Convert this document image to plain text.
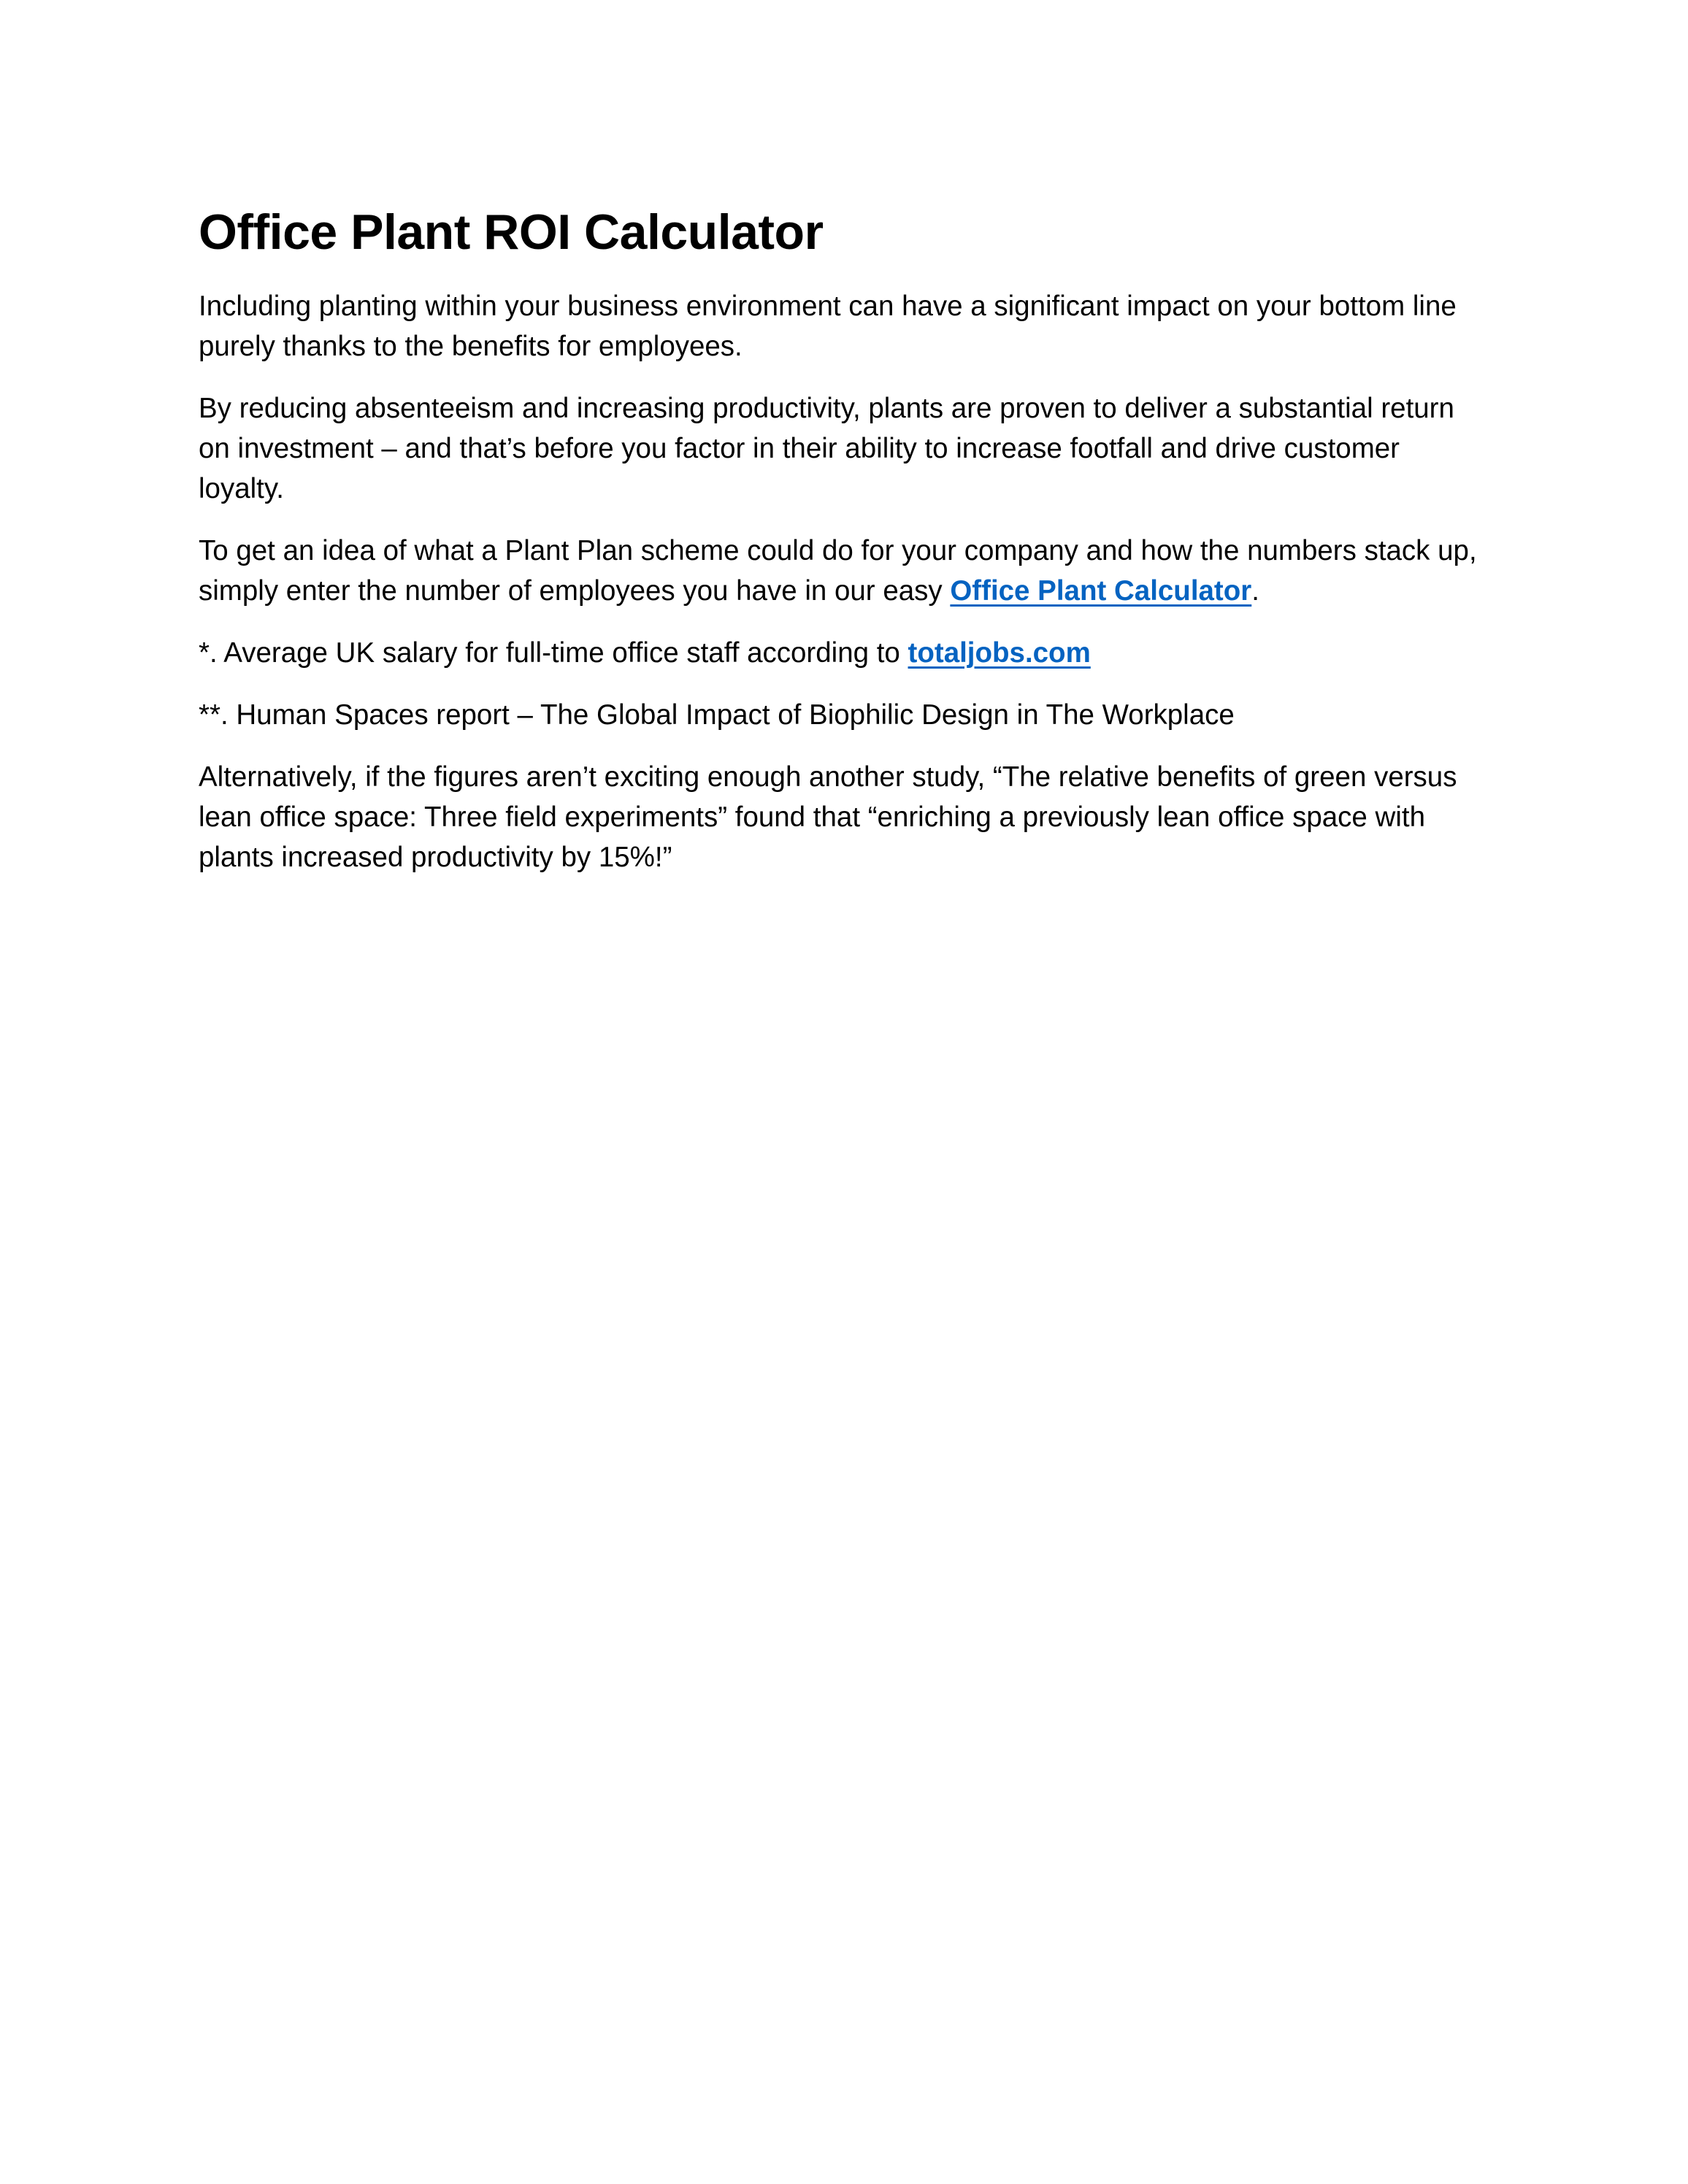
Office Plant ROI Calculator

Including planting within your business environment can have a significant impact on your bottom line purely thanks to the benefits for employees.

By reducing absenteeism and increasing productivity, plants are proven to deliver a substantial return on investment – and that’s before you factor in their ability to increase footfall and drive customer loyalty.

To get an idea of what a Plant Plan scheme could do for your company and how the numbers stack up, simply enter the number of employees you have in our easy Office Plant Calculator.

*. Average UK salary for full-time office staff according to totaljobs.com

**. Human Spaces report – The Global Impact of Biophilic Design in The Workplace

Alternatively, if the figures aren’t exciting enough another study, “The relative benefits of green versus lean office space: Three field experiments” found that “enriching a previously lean office space with plants increased productivity by 15%!”
